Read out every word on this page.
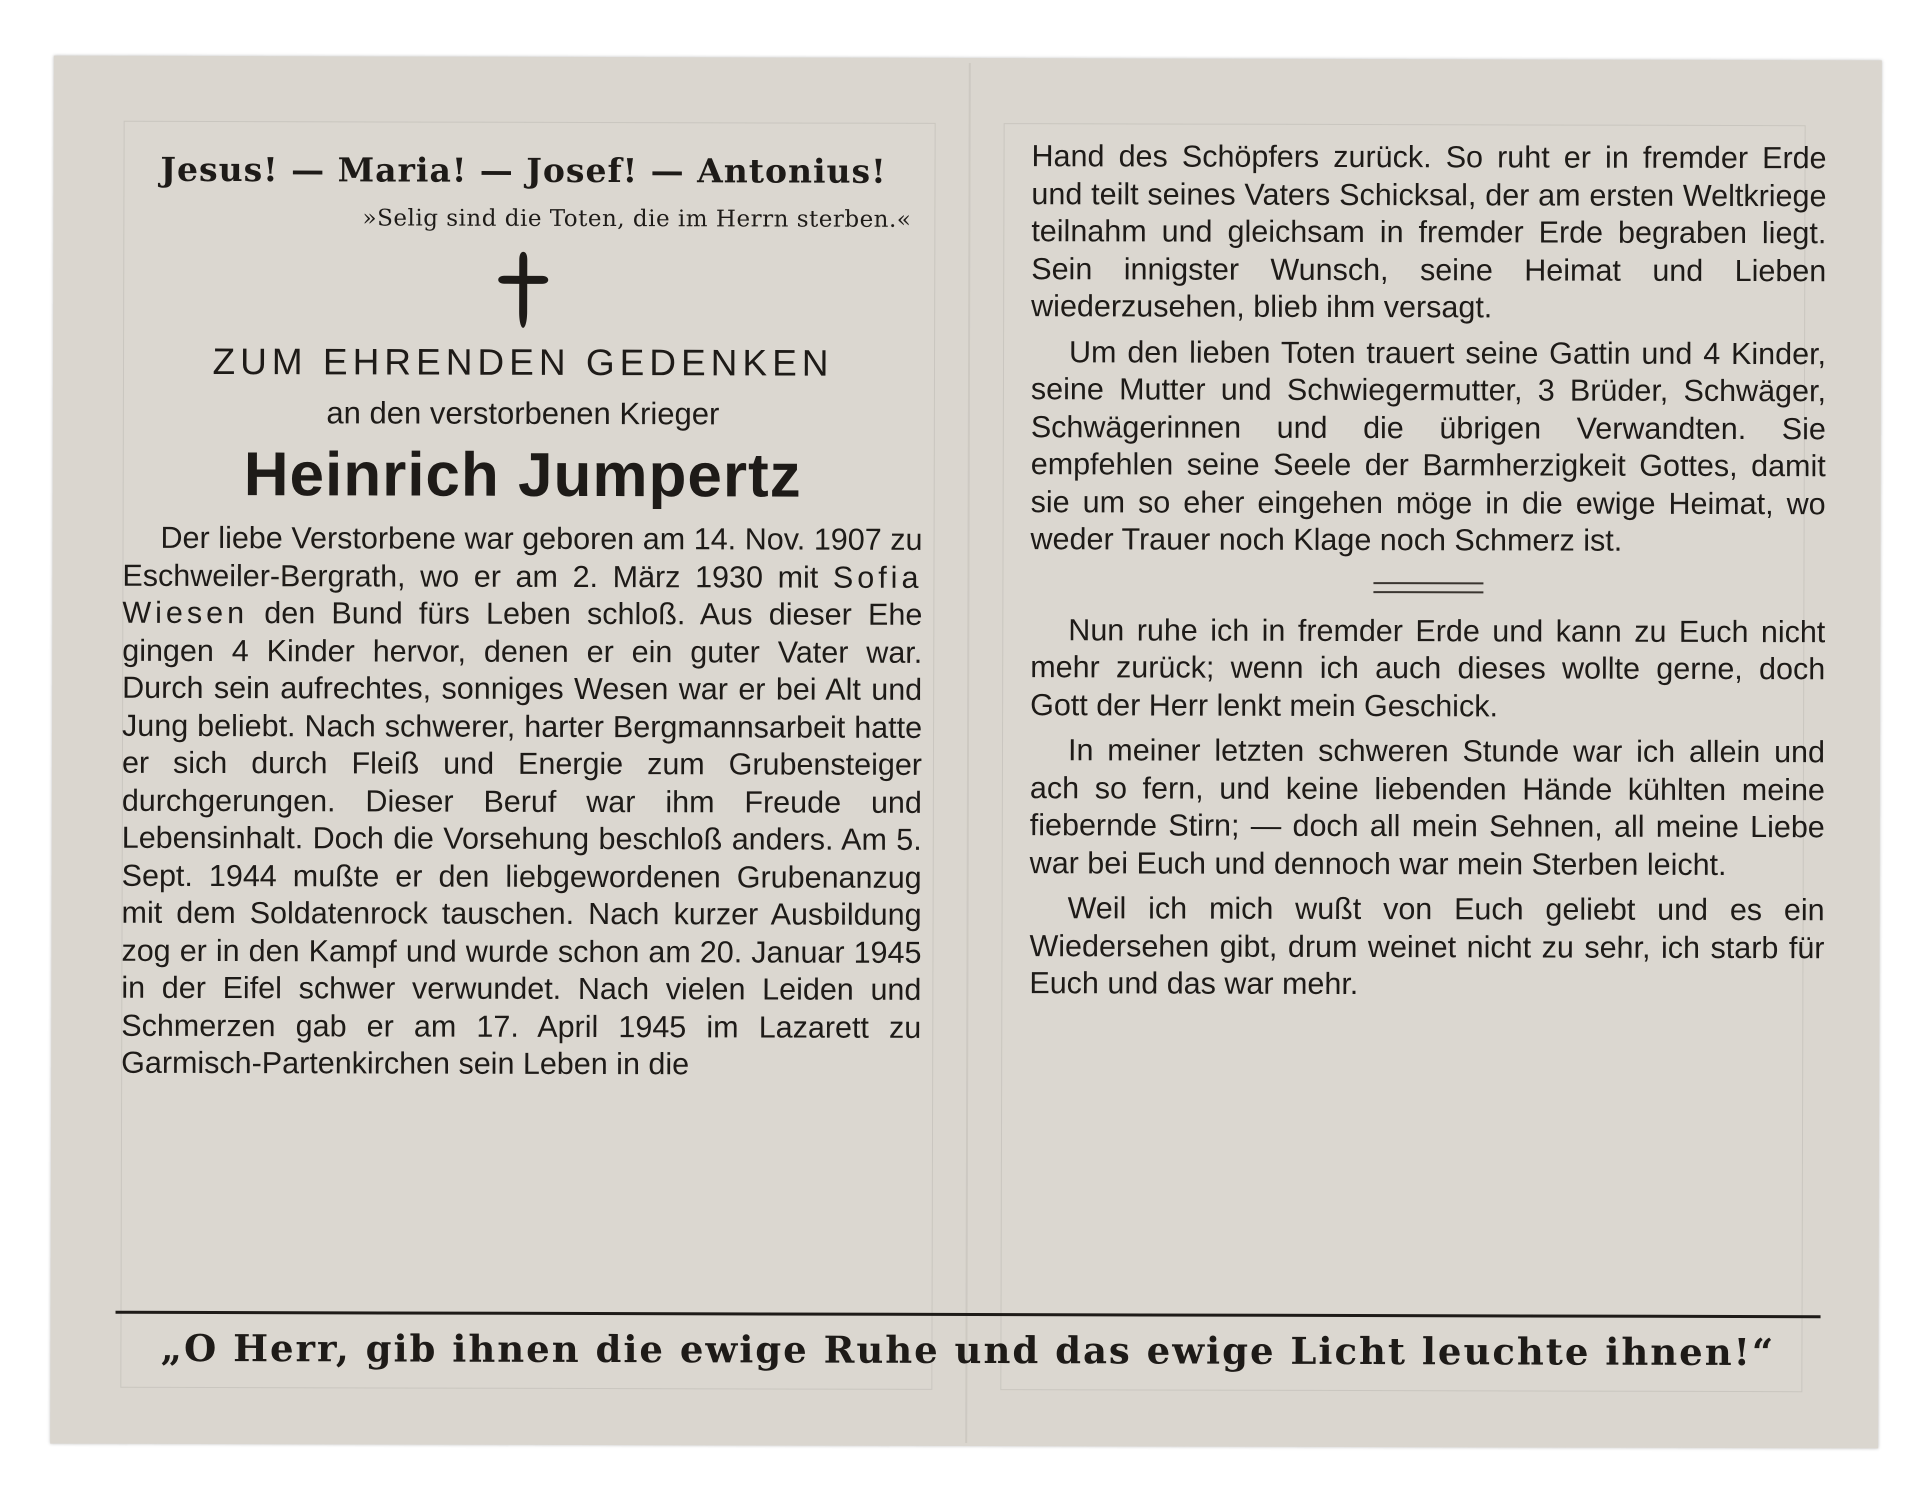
Jesus! — Maria! — Josef! — Antonius!
»Selig sind die Toten, die im Herrn sterben.«
ZUM EHRENDEN GEDENKEN
an den verstorbenen Krieger
Heinrich Jumpertz

Der liebe Verstorbene war geboren am 14. Nov. 1907 zu Eschweiler-Bergrath, wo er am 2. März 1930 mit Sofia Wiesen den Bund fürs Leben schloß. Aus dieser Ehe gingen 4 Kinder hervor, denen er ein guter Vater war. Durch sein aufrechtes, sonniges Wesen war er bei Alt und Jung beliebt. Nach schwerer, harter Bergmannsarbeit hatte er sich durch Fleiß und Energie zum Grubensteiger durchgerungen. Dieser Beruf war ihm Freude und Lebensinhalt. Doch die Vorsehung beschloß anders. Am 5. Sept. 1944 mußte er den liebgewordenen Grubenanzug mit dem Soldatenrock tauschen. Nach kurzer Ausbildung zog er in den Kampf und wurde schon am 20. Januar 1945 in der Eifel schwer verwundet. Nach vielen Leiden und Schmerzen gab er am 17. April 1945 im Lazarett zu Garmisch-Partenkirchen sein Leben in die

Hand des Schöpfers zurück. So ruht er in fremder Erde und teilt seines Vaters Schicksal, der am ersten Weltkriege teilnahm und gleichsam in fremder Erde begraben liegt. Sein innigster Wunsch, seine Heimat und Lieben wiederzusehen, blieb ihm versagt.

Um den lieben Toten trauert seine Gattin und 4 Kinder, seine Mutter und Schwiegermutter, 3 Brüder, Schwäger, Schwägerinnen und die übrigen Verwandten. Sie empfehlen seine Seele der Barmherzigkeit Gottes, damit sie um so eher eingehen möge in die ewige Heimat, wo weder Trauer noch Klage noch Schmerz ist.

Nun ruhe ich in fremder Erde und kann zu Euch nicht mehr zurück; wenn ich auch dieses wollte gerne, doch Gott der Herr lenkt mein Geschick.

In meiner letzten schweren Stunde war ich allein und ach so fern, und keine liebenden Hände kühlten meine fiebernde Stirn; — doch all mein Sehnen, all meine Liebe war bei Euch und dennoch war mein Sterben leicht.

Weil ich mich wußt von Euch geliebt und es ein Wiedersehen gibt, drum weinet nicht zu sehr, ich starb für Euch und das war mehr.

„O Herr, gib ihnen die ewige Ruhe und das ewige Licht leuchte ihnen!“
